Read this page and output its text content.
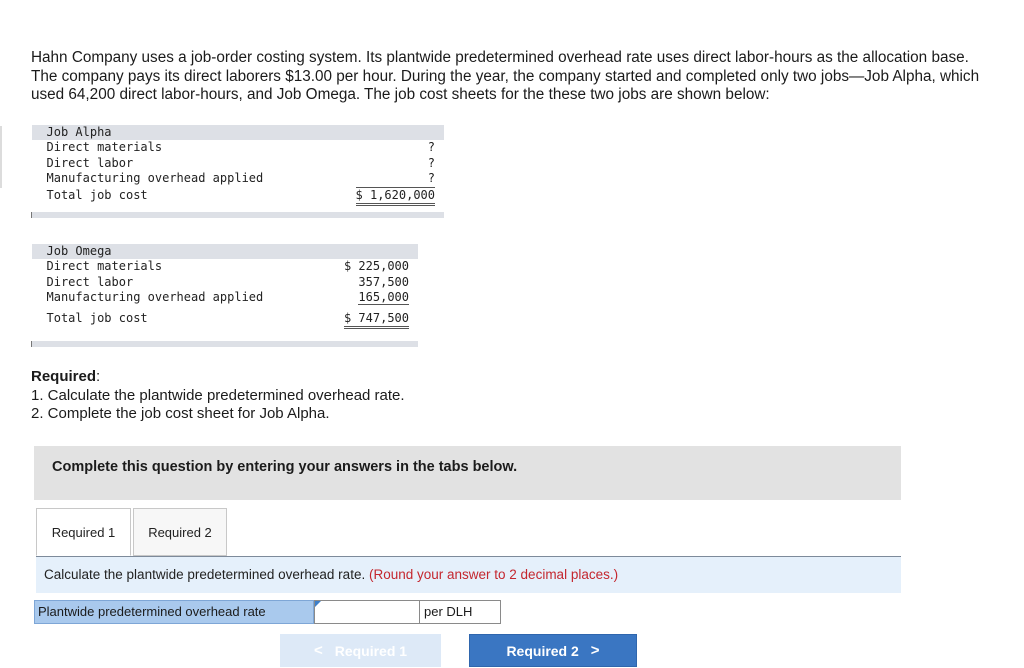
Hahn Company uses a job-order costing system. Its plantwide predetermined overhead rate uses direct labor-hours as the allocation base. The company pays its direct laborers $13.00 per hour. During the year, the company started and completed only two jobs—Job Alpha, which used 64,200 direct labor-hours, and Job Omega. The job cost sheets for the these two jobs are shown below:

Job Alpha	
Direct materials	?
Direct labor	?
Manufacturing overhead applied	?
Total job cost	$ 1,620,000

Job Omega	
Direct materials	$ 225,000
Direct labor	357,500
Manufacturing overhead applied	165,000
Total job cost	$ 747,500

Required:
1. Calculate the plantwide predetermined overhead rate.
2. Complete the job cost sheet for Job Alpha.
Complete this question by entering your answers in the tabs below.
Required 1	Required 2
Calculate the plantwide predetermined overhead rate. (Round your answer to 2 decimal places.)
Plantwide predetermined overhead rate	per DLH
< Required 1	Required 2 >
